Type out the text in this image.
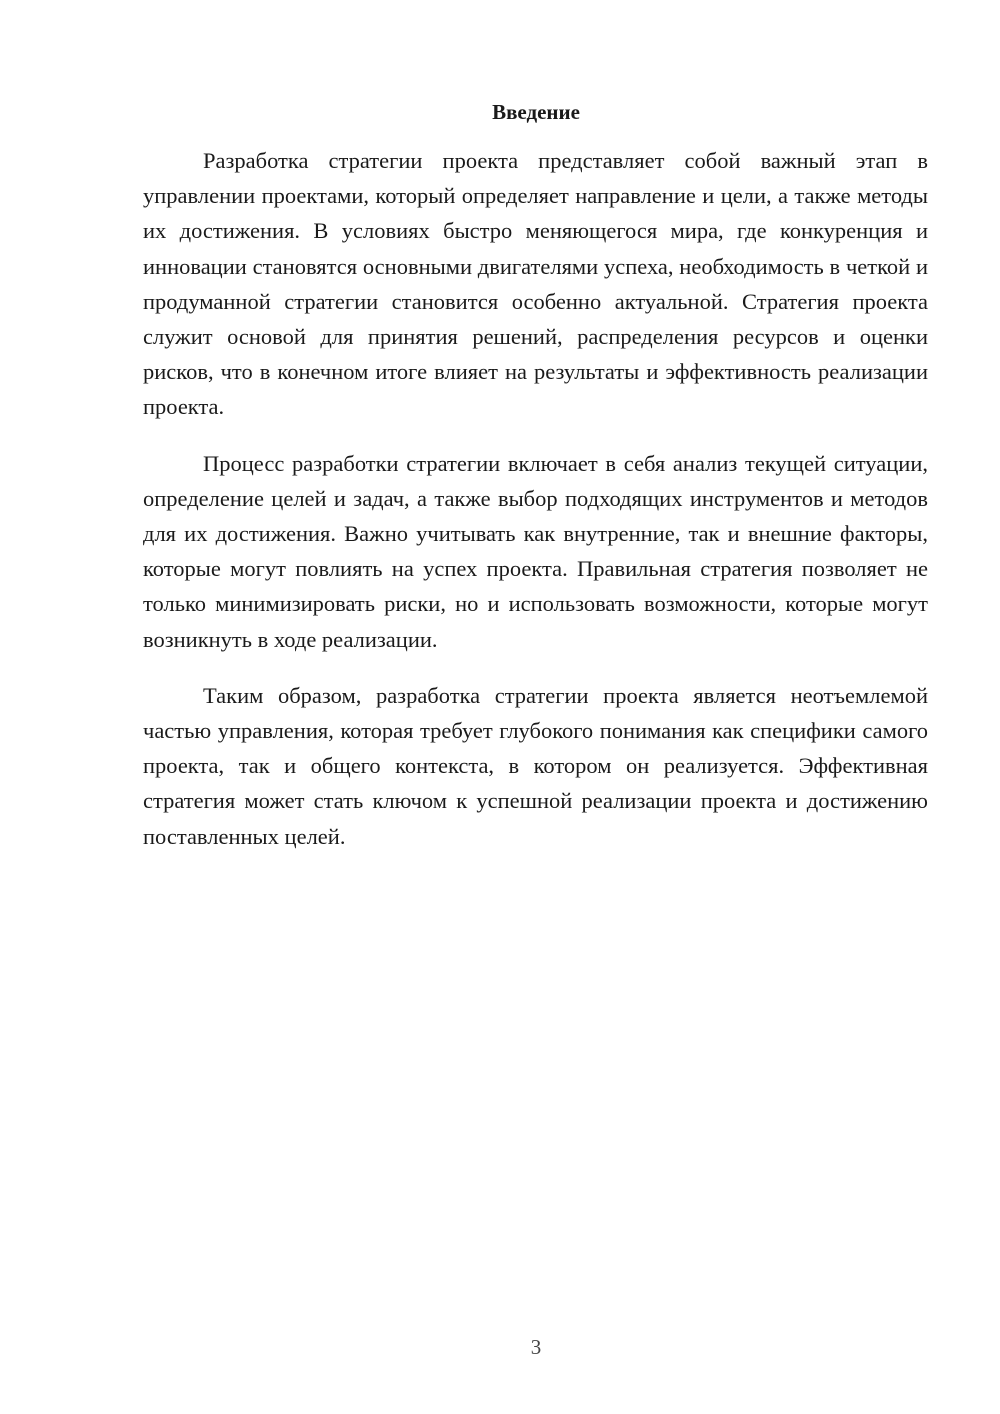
Введение

Разработка стратегии проекта представляет собой важный этап в управлении проектами, который определяет направление и цели, а также методы их достижения. В условиях быстро меняющегося мира, где конкуренция и инновации становятся основными двигателями успеха, необходимость в четкой и продуманной стратегии становится особенно актуальной. Стратегия проекта служит основой для принятия решений, распределения ресурсов и оценки рисков, что в конечном итоге влияет на результаты и эффективность реализации проекта.

Процесс разработки стратегии включает в себя анализ текущей ситуации, определение целей и задач, а также выбор подходящих инструментов и методов для их достижения. Важно учитывать как внутренние, так и внешние факторы, которые могут повлиять на успех проекта. Правильная стратегия позволяет не только минимизировать риски, но и использовать возможности, которые могут возникнуть в ходе реализации.

Таким образом, разработка стратегии проекта является неотъемлемой частью управления, которая требует глубокого понимания как специфики самого проекта, так и общего контекста, в котором он реализуется. Эффективная стратегия может стать ключом к успешной реализации проекта и достижению поставленных целей.

3
